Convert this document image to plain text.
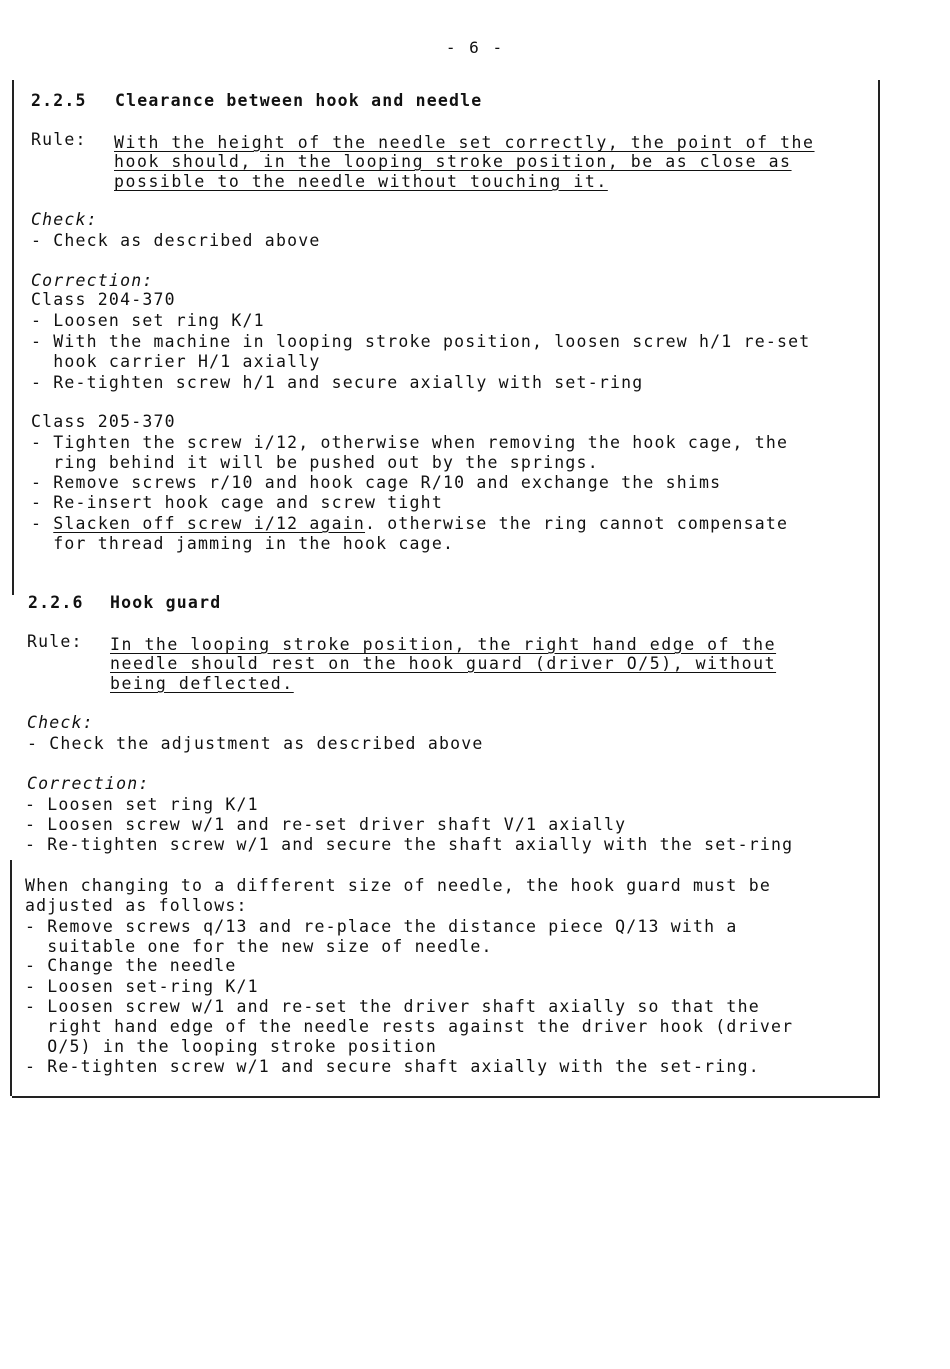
- 6 -
2.2.5 Clearance between hook and needle
Rule: With the height of the needle set correctly, the point of the
hook should, in the looping stroke position, be as close as
possible to the needle without touching it.
Check:
- Check as described above
Correction:
Class 204-370
- Loosen set ring K/1
- With the machine in looping stroke position, loosen screw h/1 re-set
hook carrier H/1 axially
- Re-tighten screw h/1 and secure axially with set-ring
Class 205-370
- Tighten the screw i/12, otherwise when removing the hook cage, the
ring behind it will be pushed out by the springs.
- Remove screws r/10 and hook cage R/10 and exchange the shims
- Re-insert hook cage and screw tight
- Slacken off screw i/12 again. otherwise the ring cannot compensate
for thread jamming in the hook cage.
2.2.6 Hook guard
Rule: In the looping stroke position, the right hand edge of the
needle should rest on the hook guard (driver O/5), without
being deflected.
Check:
- Check the adjustment as described above
Correction:
- Loosen set ring K/1
- Loosen screw w/1 and re-set driver shaft V/1 axially
- Re-tighten screw w/1 and secure the shaft axially with the set-ring
When changing to a different size of needle, the hook guard must be
adjusted as follows:
- Remove screws q/13 and re-place the distance piece Q/13 with a
suitable one for the new size of needle.
- Change the needle
- Loosen set-ring K/1
- Loosen screw w/1 and re-set the driver shaft axially so that the
right hand edge of the needle rests against the driver hook (driver
O/5) in the looping stroke position
- Re-tighten screw w/1 and secure shaft axially with the set-ring.
